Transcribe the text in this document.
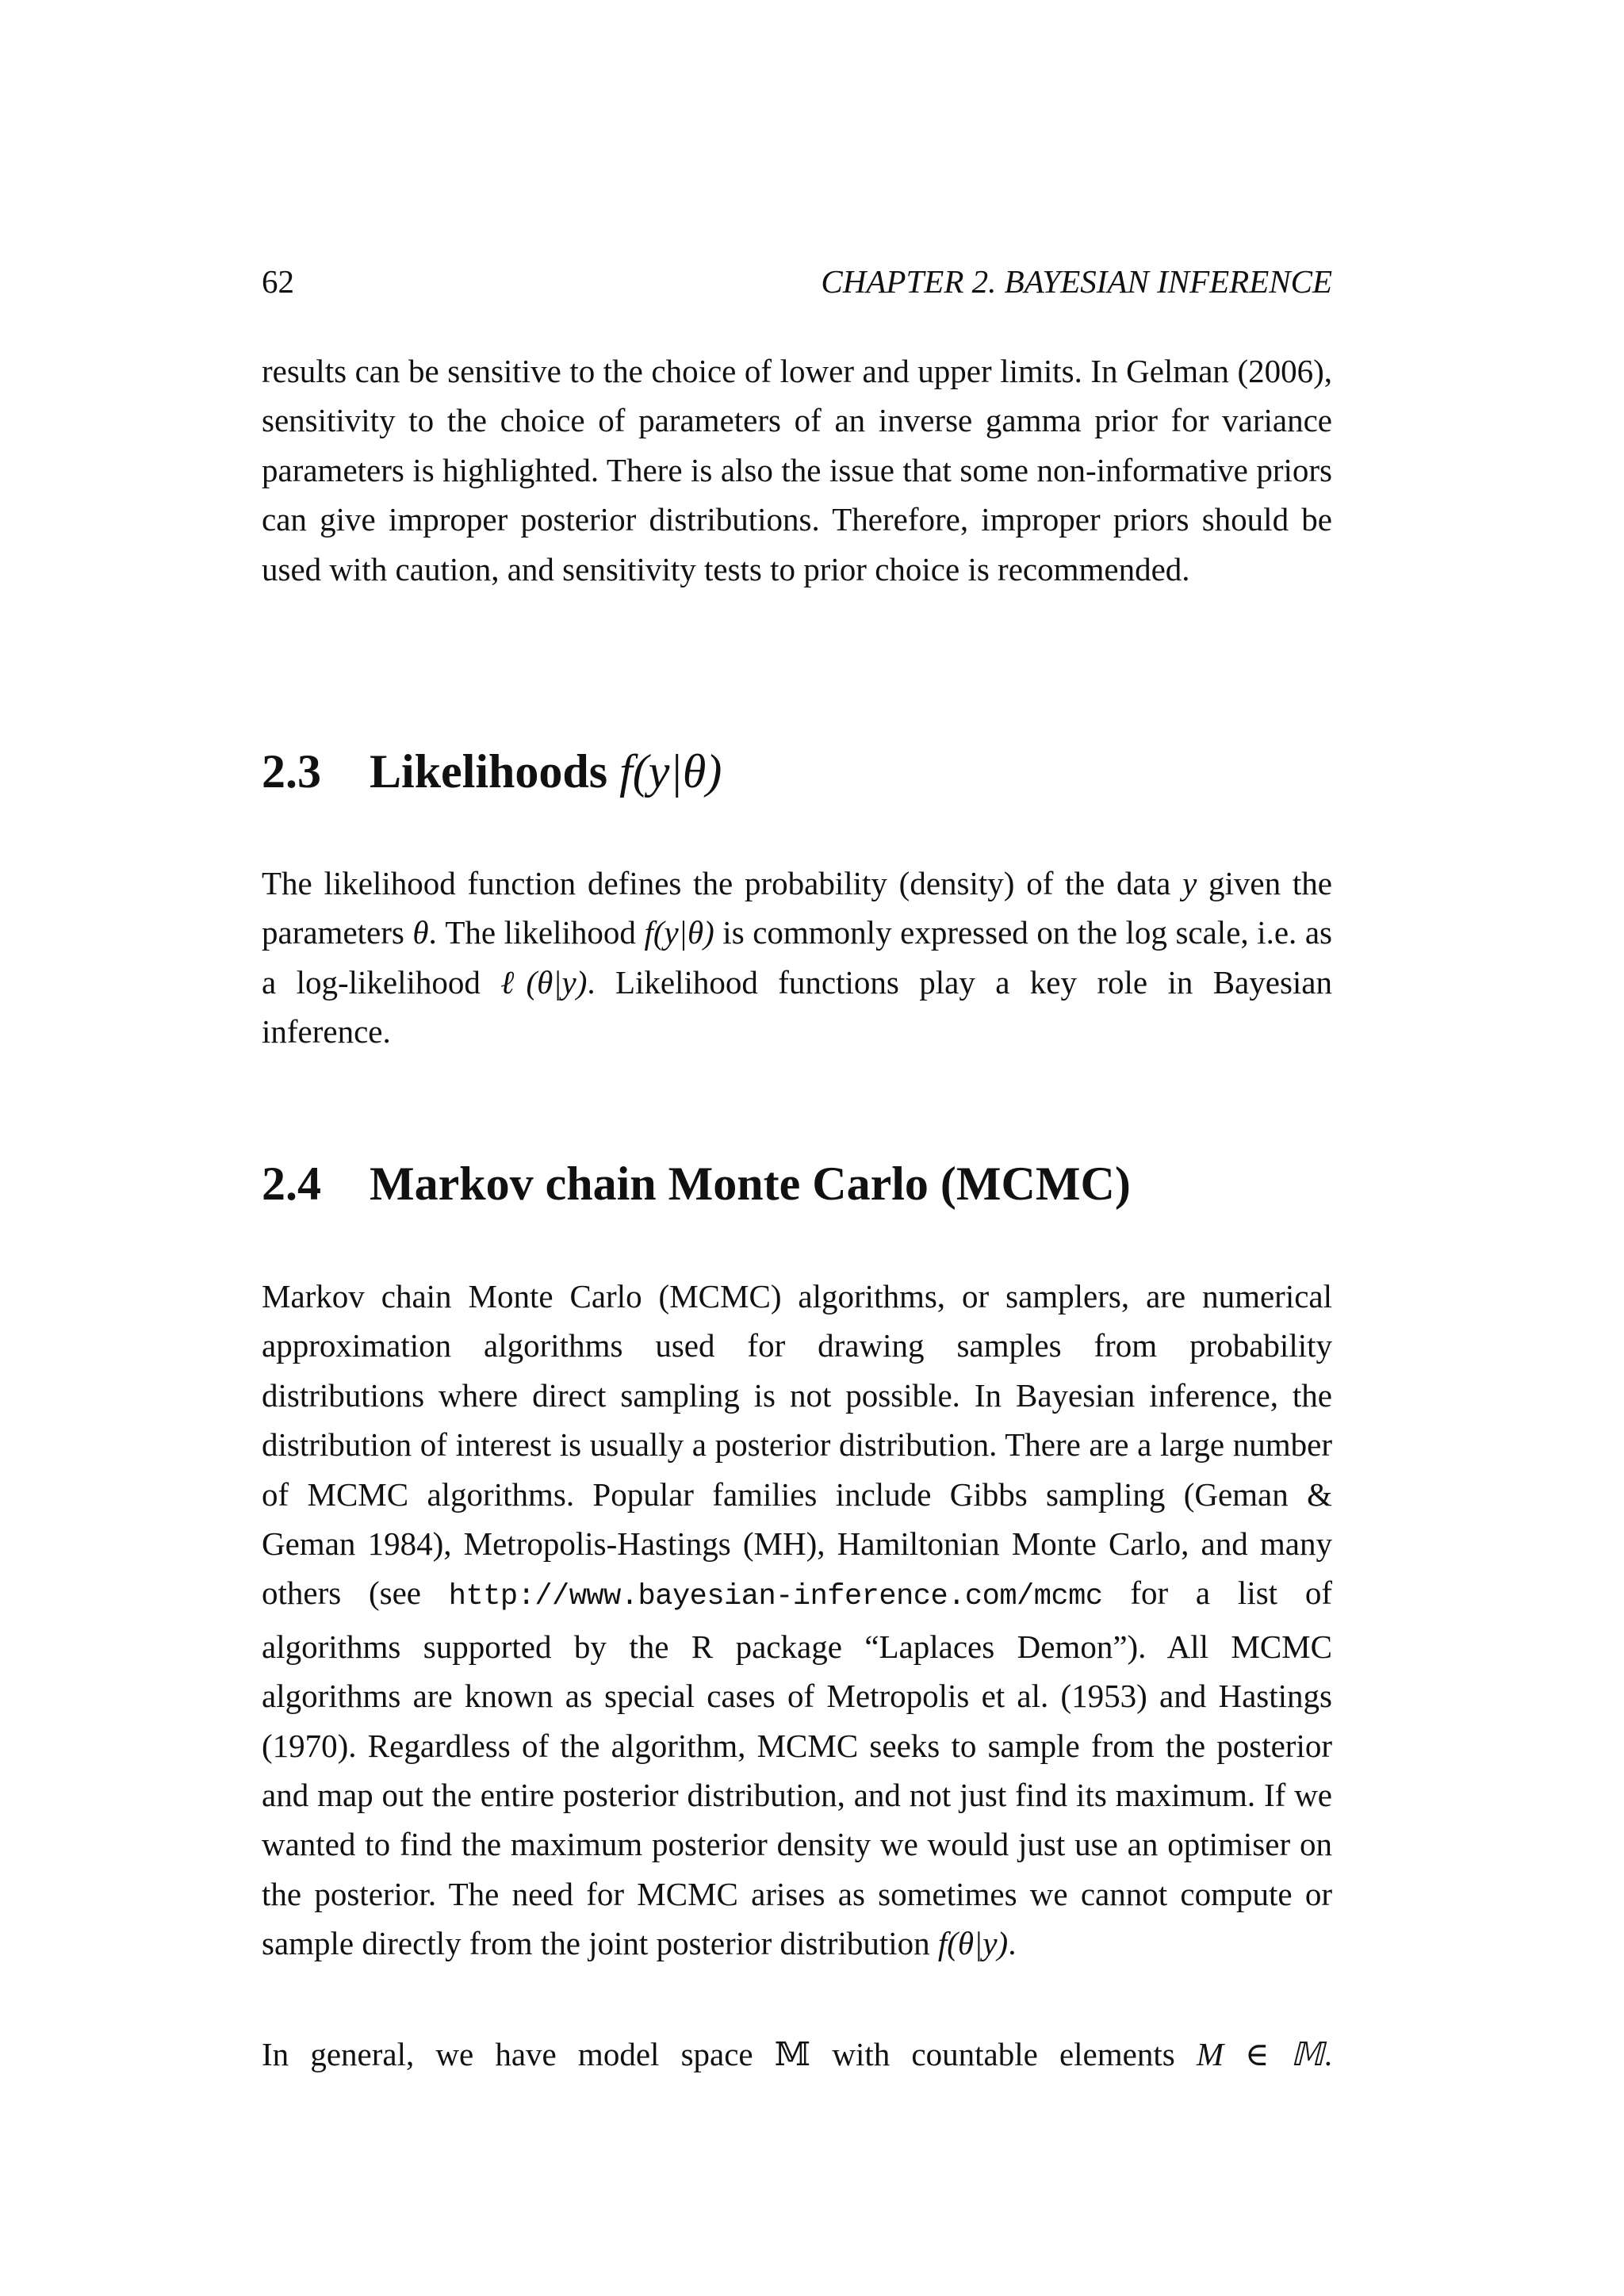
62	CHAPTER 2. BAYESIAN INFERENCE

results can be sensitive to the choice of lower and upper limits. In Gelman (2006), sensitivity to the choice of parameters of an inverse gamma prior for variance parameters is highlighted. There is also the issue that some non-informative priors can give improper posterior distributions. Therefore, improper priors should be used with caution, and sensitivity tests to prior choice is recommended.

2.3 Likelihoods f(y|θ)

The likelihood function defines the probability (density) of the data y given the parameters θ. The likelihood f(y|θ) is commonly expressed on the log scale, i.e. as a log-likelihood ℓ(θ|y). Likelihood functions play a key role in Bayesian inference.

2.4 Markov chain Monte Carlo (MCMC)

Markov chain Monte Carlo (MCMC) algorithms, or samplers, are numerical approximation algorithms used for drawing samples from probability distributions where direct sampling is not possible. In Bayesian inference, the distribution of interest is usually a posterior distribution. There are a large number of MCMC algorithms. Popular families include Gibbs sampling (Geman & Geman 1984), Metropolis-Hastings (MH), Hamiltonian Monte Carlo, and many others (see http://www.bayesian-inference.com/mcmc for a list of algorithms supported by the R package “Laplaces Demon”). All MCMC algorithms are known as special cases of Metropolis et al. (1953) and Hastings (1970). Regardless of the algorithm, MCMC seeks to sample from the posterior and map out the entire posterior distribution, and not just find its maximum. If we wanted to find the maximum posterior density we would just use an optimiser on the posterior. The need for MCMC arises as sometimes we cannot compute or sample directly from the joint posterior distribution f(θ|y).

In general, we have model space 𝕄 with countable elements M ∈ 𝕄.
